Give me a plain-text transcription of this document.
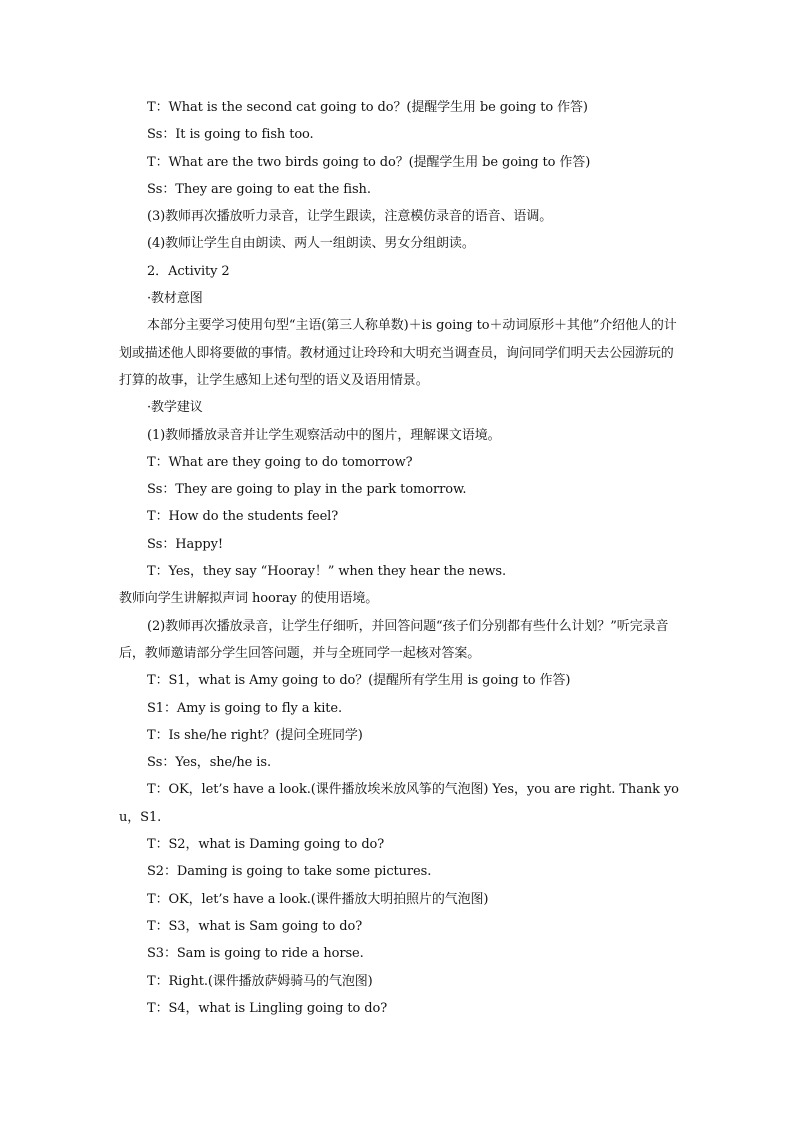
T：What is the second cat going to do？(提醒学生用 be going to 作答)
Ss：It is going to fish too.
T：What are the two birds going to do？(提醒学生用 be going to 作答)
Ss：They are going to eat the fish.
(3)教师再次播放听力录音，让学生跟读，注意模仿录音的语音、语调。
(4)教师让学生自由朗读、两人一组朗读、男女分组朗读。
2．Activity 2
·教材意图
本部分主要学习使用句型“主语(第三人称单数)＋is going to＋动词原形＋其他”介绍他人的计划或描述他人即将要做的事情。教材通过让玲玲和大明充当调查员，询问同学们明天去公园游玩的打算的故事，让学生感知上述句型的语义及语用情景。
·教学建议
(1)教师播放录音并让学生观察活动中的图片，理解课文语境。
T：What are they going to do tomorrow?
Ss：They are going to play in the park tomorrow.
T：How do the students feel?
Ss：Happy!
T：Yes，they say “Hooray！” when they hear the news.
教师向学生讲解拟声词 hooray 的使用语境。
(2)教师再次播放录音，让学生仔细听，并回答问题“孩子们分别都有些什么计划？”听完录音后，教师邀请部分学生回答问题，并与全班同学一起核对答案。
T：S1，what is Amy going to do？(提醒所有学生用 is going to 作答)
S1：Amy is going to fly a kite.
T：Is she/he right？(提问全班同学)
Ss：Yes，she/he is.
T：OK，let’s have a look.(课件播放埃米放风筝的气泡图) Yes，you are right. Thank you，S1.
T：S2，what is Daming going to do?
S2：Daming is going to take some pictures.
T：OK，let’s have a look.(课件播放大明拍照片的气泡图)
T：S3，what is Sam going to do?
S3：Sam is going to ride a horse.
T：Right.(课件播放萨姆骑马的气泡图)
T：S4，what is Lingling going to do?
